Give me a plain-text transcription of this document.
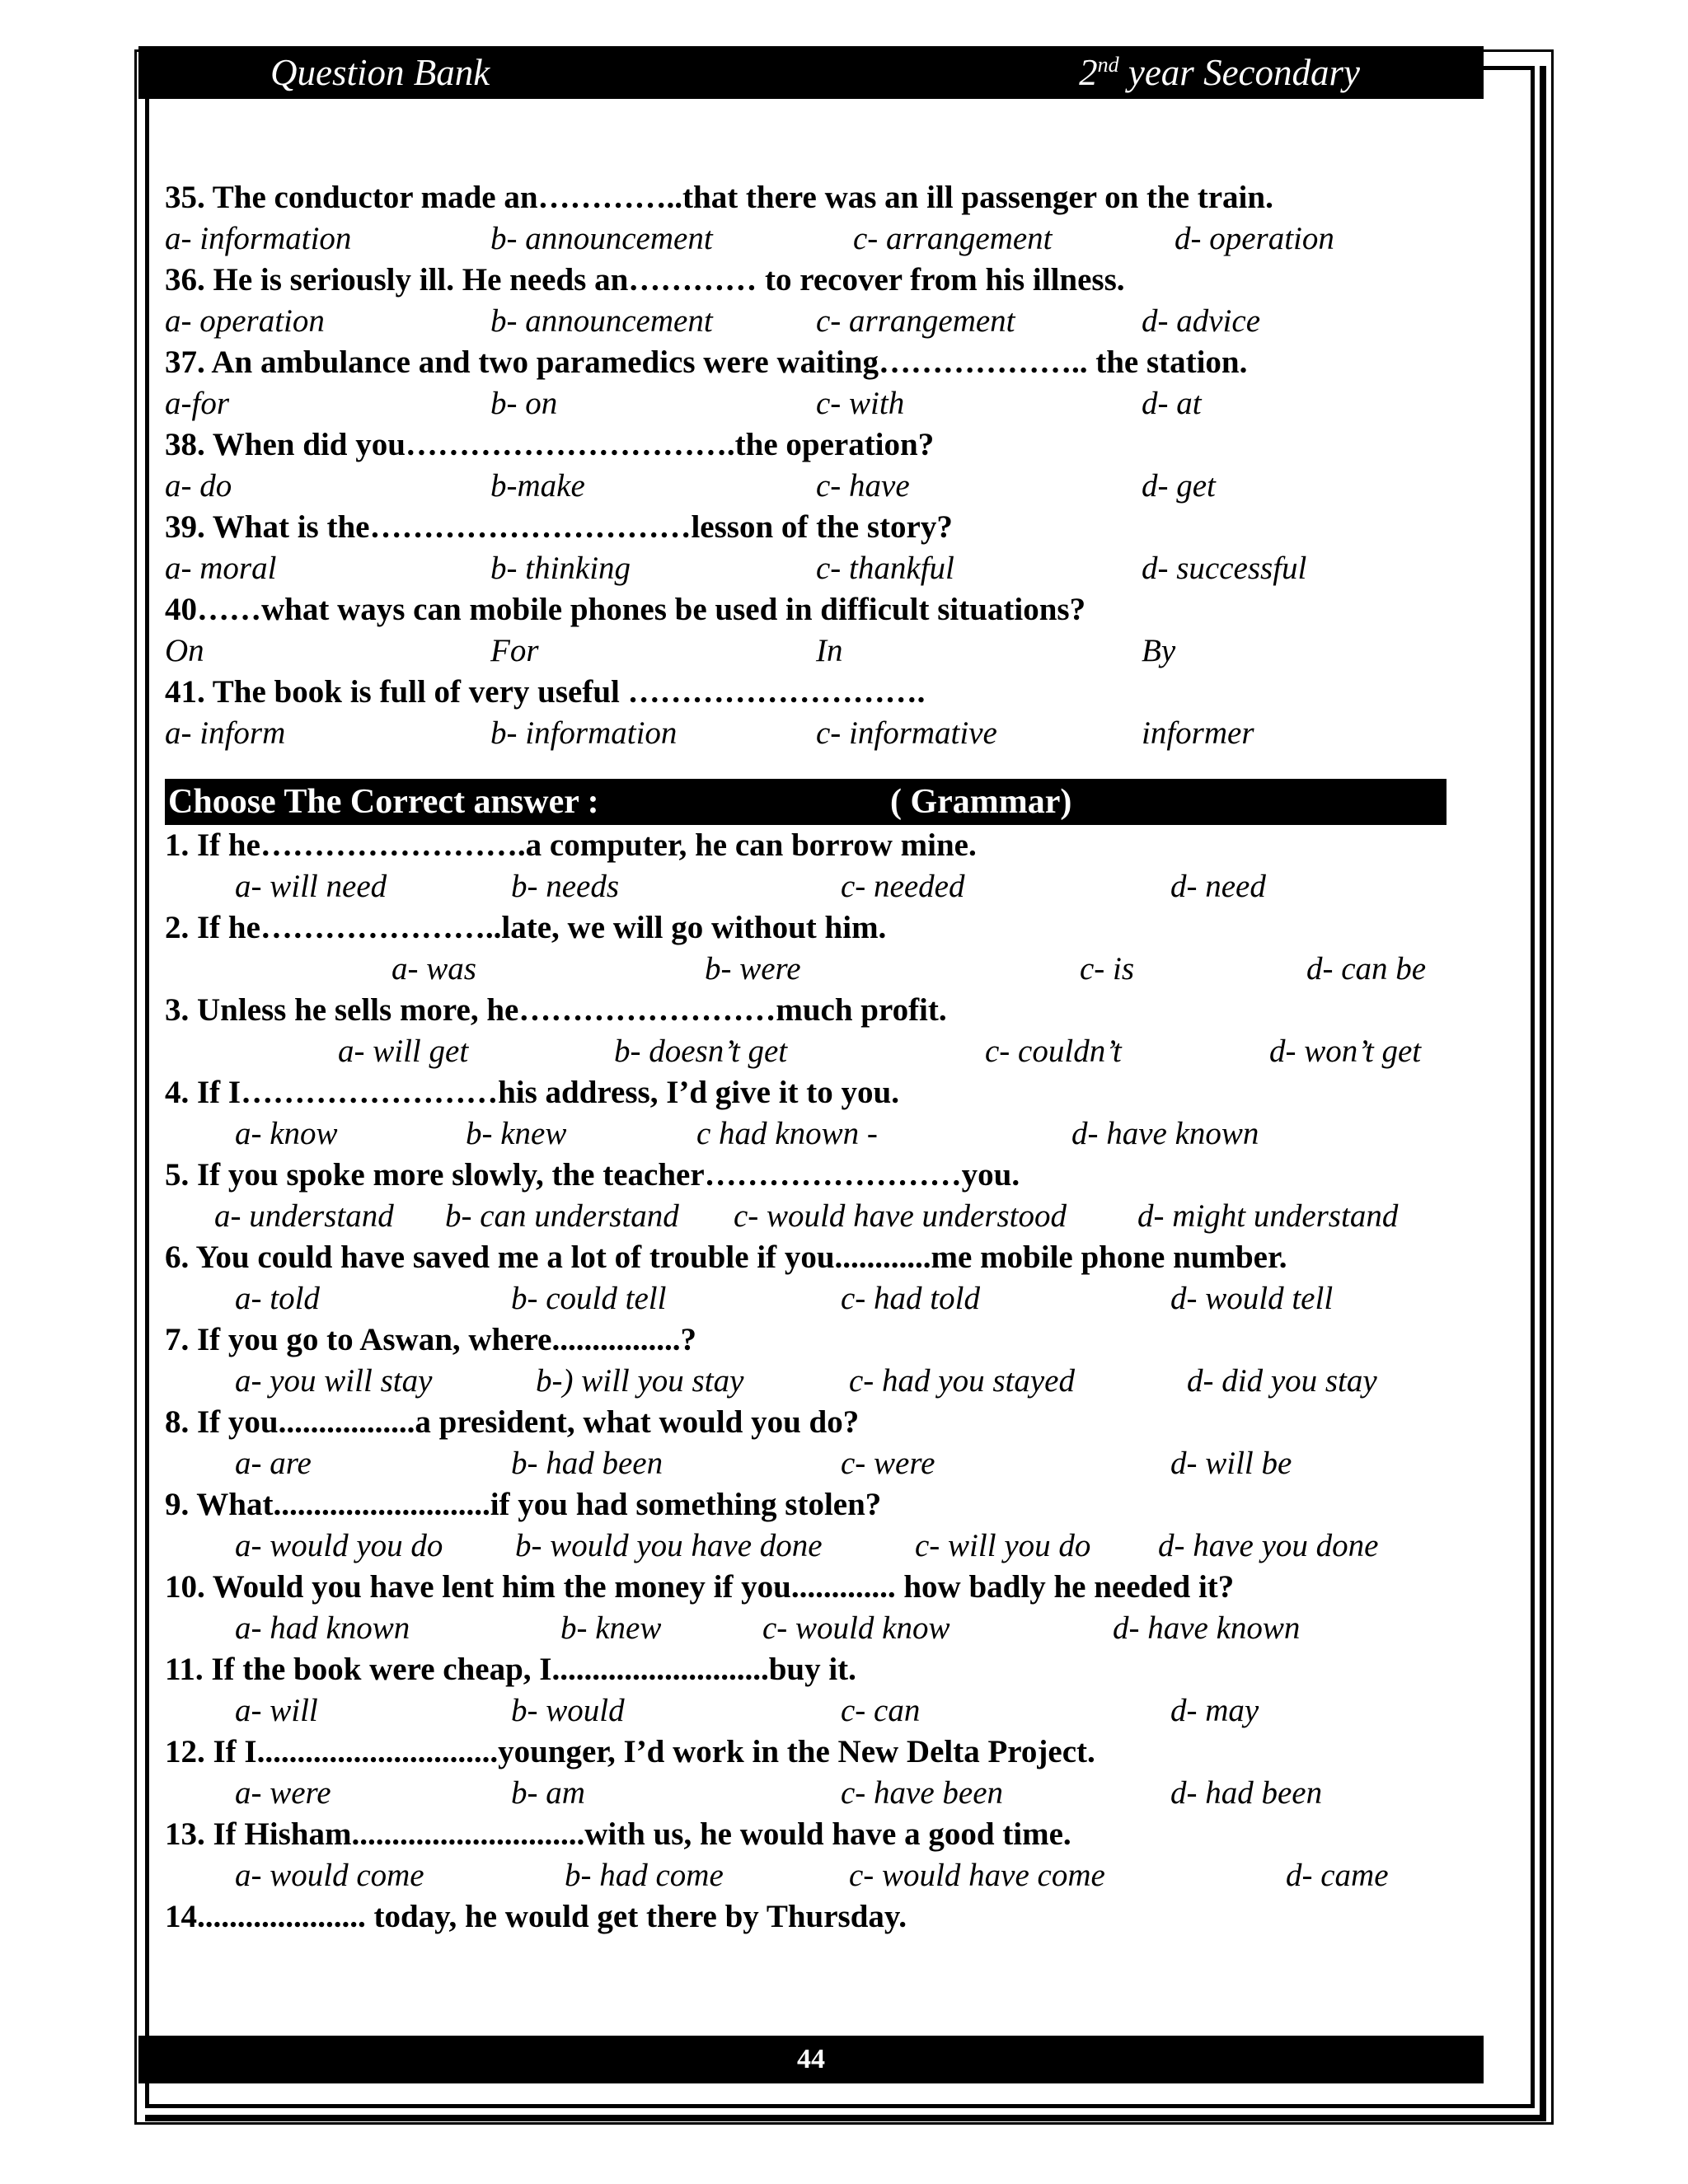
Question Bank	2nd year Secondary
35. The conductor made an…………..that there was an ill passenger on the train.
a- information	b- announcement	c- arrangement	d- operation
36. He is seriously ill. He needs an………… to recover from his illness.
a- operation	b- announcement	c- arrangement	d- advice
37. An ambulance and two paramedics were waiting……………….. the station.
a-for	b- on	c- with	d- at
38. When did you………………………….the operation?
a- do	b-make	c- have	d- get
39. What is the…………………………lesson of the story?
a- moral	b- thinking	c- thankful	d- successful
40……what ways can mobile phones be used in difficult situations?
On	For	In	By
41. The book is full of very useful ……………………….
a- inform	b- information	c- informative	informer
Choose The Correct answer :	( Grammar)
1. If he…………………….a computer, he can borrow mine.
a- will need	b- needs	c- needed	d- need
2. If he…………………..late, we will go without him.
a- was	b- were	c- is	d- can be
3. Unless he sells more, he……………………much profit.
a- will get	b- doesn’t get	c- couldn’t	d- won’t get
4. If I……………………his address, I’d give it to you.
a- know	b- knew	c had known -	d- have known
5. If you spoke more slowly, the teacher……………………you.
a- understand b- can understand c- would have understood d- might understand
6. You could have saved me a lot of trouble if you............me mobile phone number.
a- told	b- could tell	c- had told	d- would tell
7. If you go to Aswan, where................?
a- you will stay	b-) will you stay	c- had you stayed	d- did you stay
8. If you.................a president, what would you do?
a- are	b- had been	c- were	d- will be
9. What...........................if you had something stolen?
a- would you do b- would you have done	c- will you do d- have you done
10. Would you have lent him the money if you............. how badly he needed it?
a- had known	b- knew	c- would know	d- have known
11. If the book were cheap, I...........................buy it.
a- will	b- would	c- can	d- may
12. If I..............................younger, I’d work in the New Delta Project.
a- were	b- am	c- have been	d- had been
13. If Hisham.............................with us, he would have a good time.
a- would come	b- had come	c- would have come	d- came
14..................... today, he would get there by Thursday.
44
